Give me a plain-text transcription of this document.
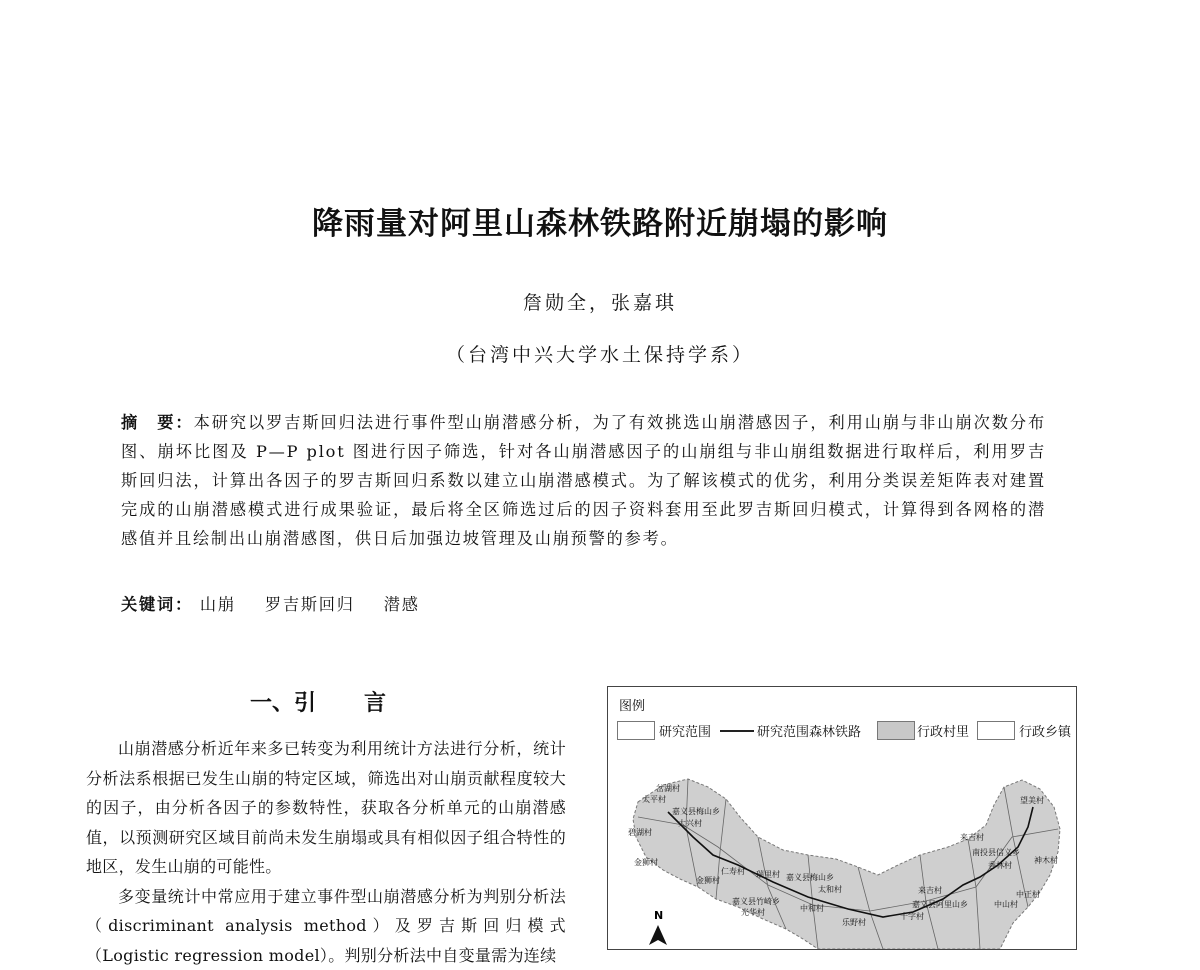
降雨量对阿里山森林铁路附近崩塌的影响
詹勋全，张嘉琪
（台湾中兴大学水土保持学系）
摘　要：本研究以罗吉斯回归法进行事件型山崩潜感分析，为了有效挑选山崩潜感因子，利用山崩与非山崩次数分布图、崩坏比图及 P—P plot 图进行因子筛选，针对各山崩潜感因子的山崩组与非山崩组数据进行取样后，利用罗吉斯回归法，计算出各因子的罗吉斯回归系数以建立山崩潜感模式。为了解该模式的优劣，利用分类误差矩阵表对建置完成的山崩潜感模式进行成果验证，最后将全区筛选过后的因子资料套用至此罗吉斯回归模式，计算得到各网格的潜感值并且绘制出山崩潜感图，供日后加强边坡管理及山崩预警的参考。
关键词： 山崩 罗吉斯回归 潜感
一、引 言

山崩潜感分析近年来多已转变为利用统计方法进行分析，统计分析法系根据已发生山崩的特定区域，筛选出对山崩贡献程度较大的因子，由分析各因子的参数特性，获取各分析单元的山崩潜感值，以预测研究区域目前尚未发生崩塌或具有相似因子组合特性的地区，发生山崩的可能性。

多变量统计中常应用于建立事件型山崩潜感分析为判别分析法（discriminant analysis method）及罗吉斯回归模式（Logistic regression model）。判别分析法中自变量需为连续

图例
研究范围	研究范围森林铁路	行政村里	行政乡镇
N
岔湖村
太平村
嘉义县梅山乡
大兴村
碧湖村
金狮村
仁寿村
金狮村
瑞里村 嘉义县梅山乡
太和村
嘉义县竹崎乡
光华村	中和村
乐野村
十字村
来吉村
嘉义县阿里山乡	中山村
中正村
来吉村
南投县信义乡
香林村
神木村
望美村
